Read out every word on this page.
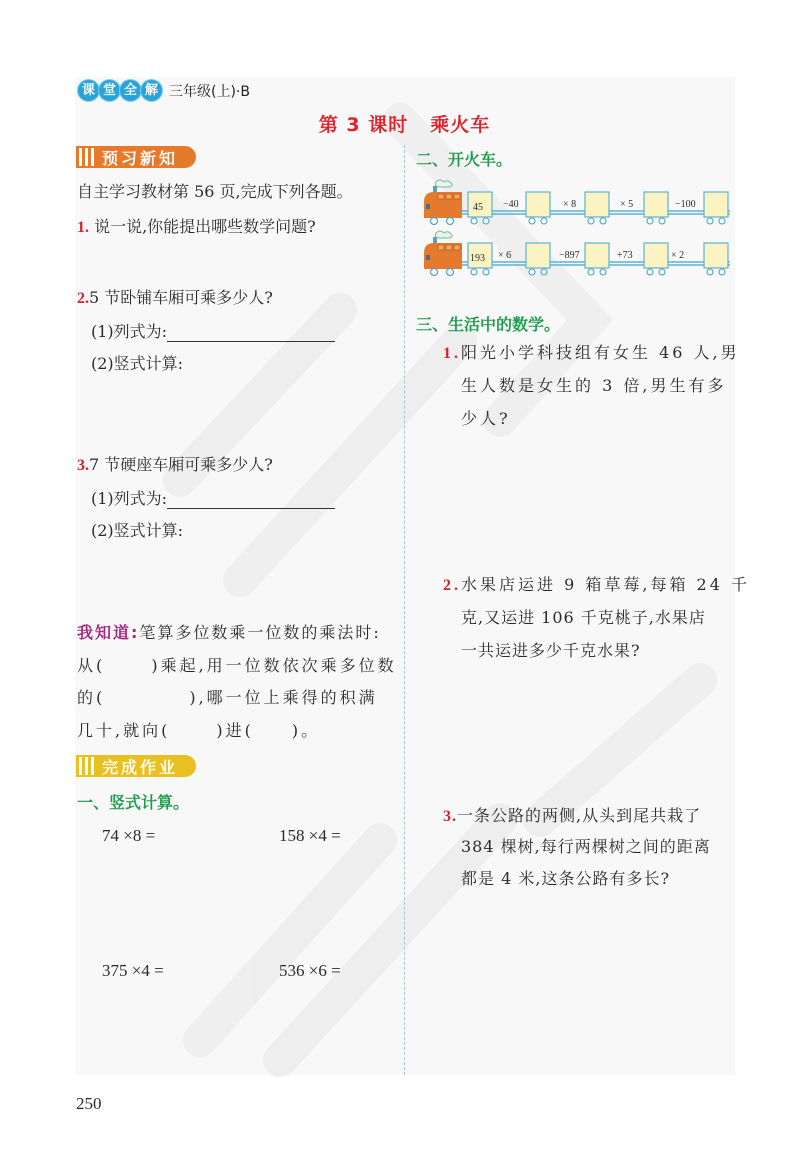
课 堂 全 解 三年级(上)·B
第 3 课时 乘火车
预习新知
自主学习教材第 56 页,完成下列各题。
1. 说一说,你能提出哪些数学问题?
2.5 节卧铺车厢可乘多少人?
(1)列式为:
(2)竖式计算:
3.7 节硬座车厢可乘多少人?
(1)列式为:
(2)竖式计算:
我知道:笔算多位数乘一位数的乘法时:
从(　　 )乘起,用一位数依次乘多位数
的(　　　　 ),哪一位上乘得的积满
几十,就向(　　 )进(　　)。
完成作业
一、竖式计算。
74 ×8 =	158 ×4 =
375 ×4 =	536 ×6 =
二、开火车。
45 −40	× 8	× 5	−100
193 × 6	−897	+73	× 2
三、生活中的数学。
1.阳光小学科技组有女生 46 人,男
生人数是女生的 3 倍,男生有多
少人?
2.水果店运进 9 箱草莓,每箱 24 千
克,又运进 106 千克桃子,水果店
一共运进多少千克水果?
3.一条公路的两侧,从头到尾共栽了
384 棵树,每行两棵树之间的距离
都是 4 米,这条公路有多长?
250
